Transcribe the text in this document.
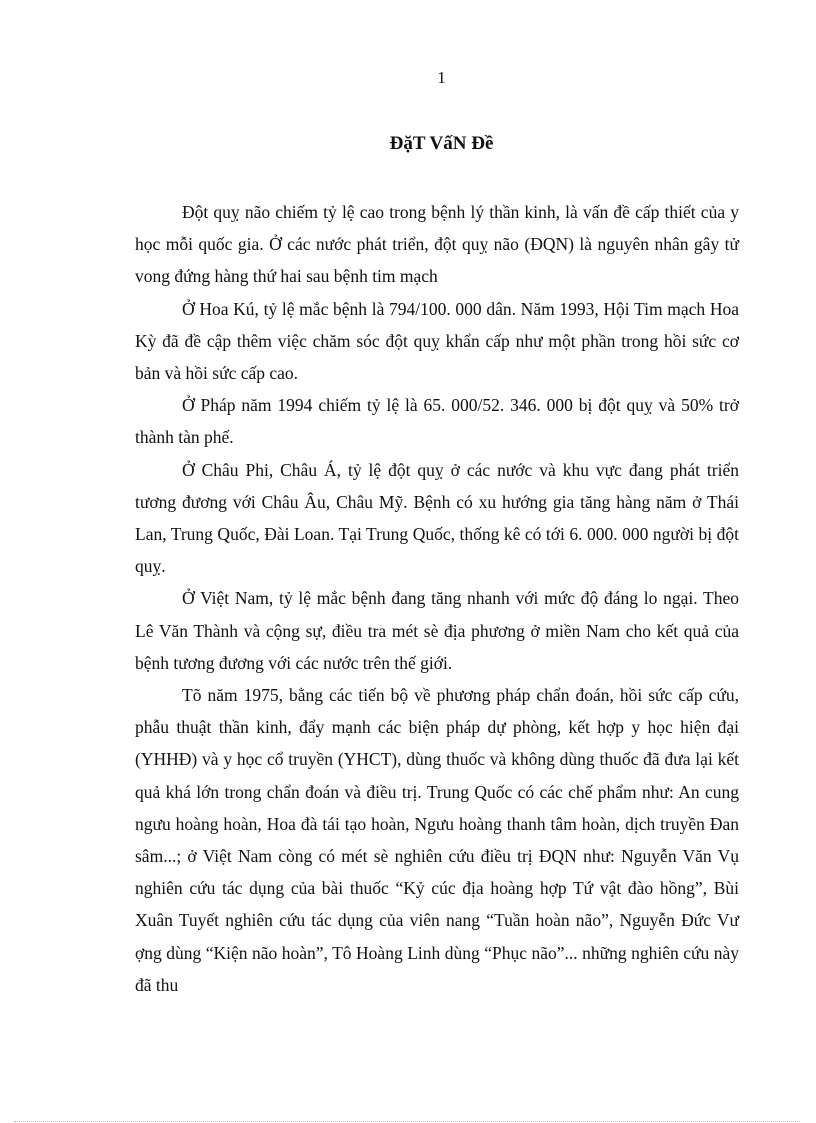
1
ĐặT VấN Đề

Đột quỵ não chiếm tỷ lệ cao trong bệnh lý thần kinh, là vấn đề cấp thiết của y học mỗi quốc gia. Ở các nước phát triển, đột quỵ não (ĐQN) là nguyên nhân gây tử vong đứng hàng thứ hai sau bệnh tim mạch

Ở Hoa Kú, tỷ lệ mắc bệnh là 794/100. 000 dân. Năm 1993, Hội Tim mạch Hoa Kỳ đã đề cập thêm việc chăm sóc đột quỵ khẩn cấp như một phần trong hồi sức cơ bản và hồi sức cấp cao.

Ở Pháp năm 1994 chiếm tỷ lệ là 65. 000/52. 346. 000 bị đột quỵ và 50% trở thành tàn phế.

Ở Châu Phi, Châu Á, tỷ lệ đột quỵ ở các nước và khu vực đang phát triển tương đương với Châu Âu, Châu Mỹ. Bệnh có xu hướng gia tăng hàng năm ở Thái Lan, Trung Quốc, Đài Loan. Tại Trung Quốc, thống kê có tới 6. 000. 000 người bị đột quỵ.

Ở Việt Nam, tỷ lệ mắc bệnh đang tăng nhanh với mức độ đáng lo ngại. Theo Lê Văn Thành và cộng sự, điều tra mét sè địa phương ở miền Nam cho kết quả của bệnh tương đương với các nước trên thế giới.

Tõ năm 1975, bằng các tiến bộ về phương pháp chẩn đoán, hồi sức cấp cứu, phẫu thuật thần kinh, đẩy mạnh các biện pháp dự phòng, kết hợp y học hiện đại (YHHĐ) và y học cổ truyền (YHCT), dùng thuốc và không dùng thuốc đã đưa lại kết quả khá lớn trong chẩn đoán và điều trị. Trung Quốc có các chế phẩm như: An cung ngưu hoàng hoàn, Hoa đà tái tạo hoàn, Ngưu hoàng thanh tâm hoàn, dịch truyền Đan sâm...; ở Việt Nam còng có mét sè nghiên cứu điều trị ĐQN như: Nguyễn Văn Vụ nghiên cứu tác dụng của bài thuốc “Kỷ cúc địa hoàng hợp Tứ vật đào hồng”, Bùi Xuân Tuyết nghiên cứu tác dụng của viên nang “Tuần hoàn não”, Nguyễn Đức Vư ợng dùng “Kiện não hoàn”, Tô Hoàng Linh dùng “Phục não”... những nghiên cứu này đã thu
